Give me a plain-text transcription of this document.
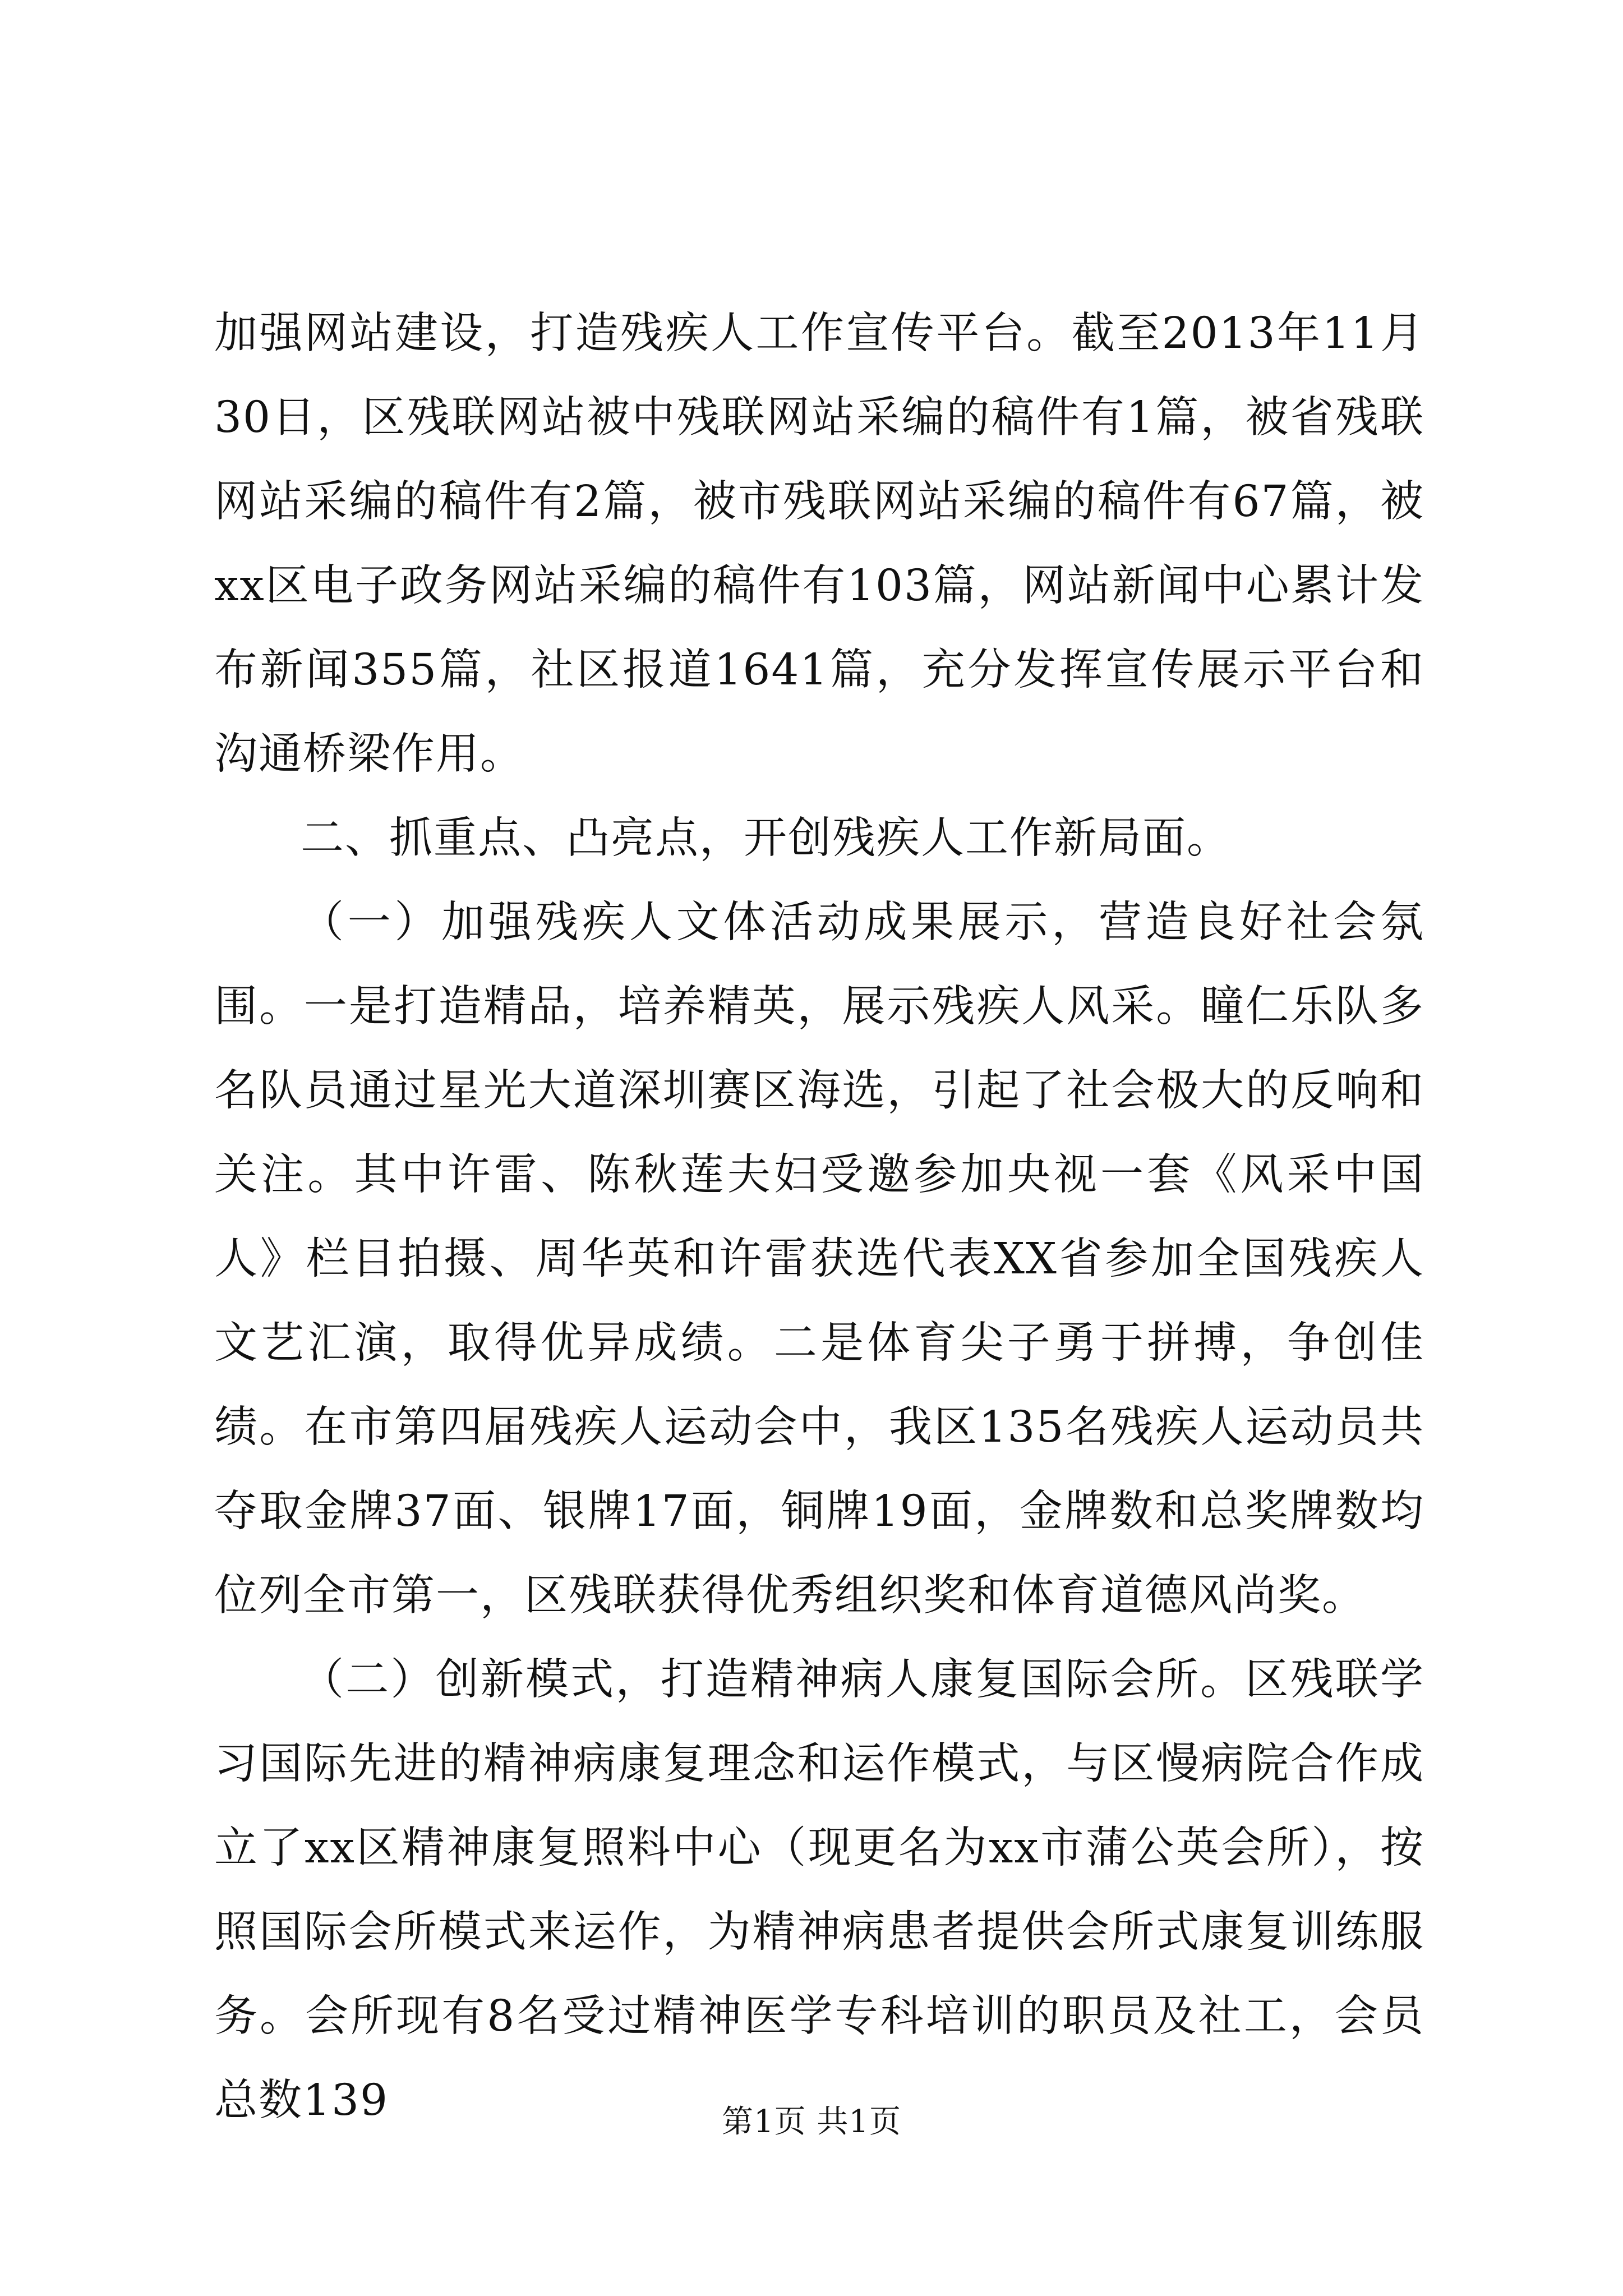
加强网站建设，打造残疾人工作宣传平台。截至2013年11月30日，区残联网站被中残联网站采编的稿件有1篇，被省残联网站采编的稿件有2篇，被市残联网站采编的稿件有67篇，被xx区电子政务网站采编的稿件有103篇，网站新闻中心累计发布新闻355篇，社区报道1641篇，充分发挥宣传展示平台和沟通桥梁作用。

二、抓重点、凸亮点，开创残疾人工作新局面。

（一）加强残疾人文体活动成果展示，营造良好社会氛围。一是打造精品，培养精英，展示残疾人风采。瞳仁乐队多名队员通过星光大道深圳赛区海选，引起了社会极大的反响和关注。其中许雷、陈秋莲夫妇受邀参加央视一套《风采中国人》栏目拍摄、周华英和许雷获选代表XX省参加全国残疾人文艺汇演，取得优异成绩。二是体育尖子勇于拼搏，争创佳绩。在市第四届残疾人运动会中，我区135名残疾人运动员共夺取金牌37面、银牌17面，铜牌19面，金牌数和总奖牌数均位列全市第一，区残联获得优秀组织奖和体育道德风尚奖。

（二）创新模式，打造精神病人康复国际会所。区残联学习国际先进的精神病康复理念和运作模式，与区慢病院合作成立了xx区精神康复照料中心（现更名为xx市蒲公英会所），按照国际会所模式来运作，为精神病患者提供会所式康复训练服务。会所现有8名受过精神医学专科培训的职员及社工，会员总数139	第1页 共1页
